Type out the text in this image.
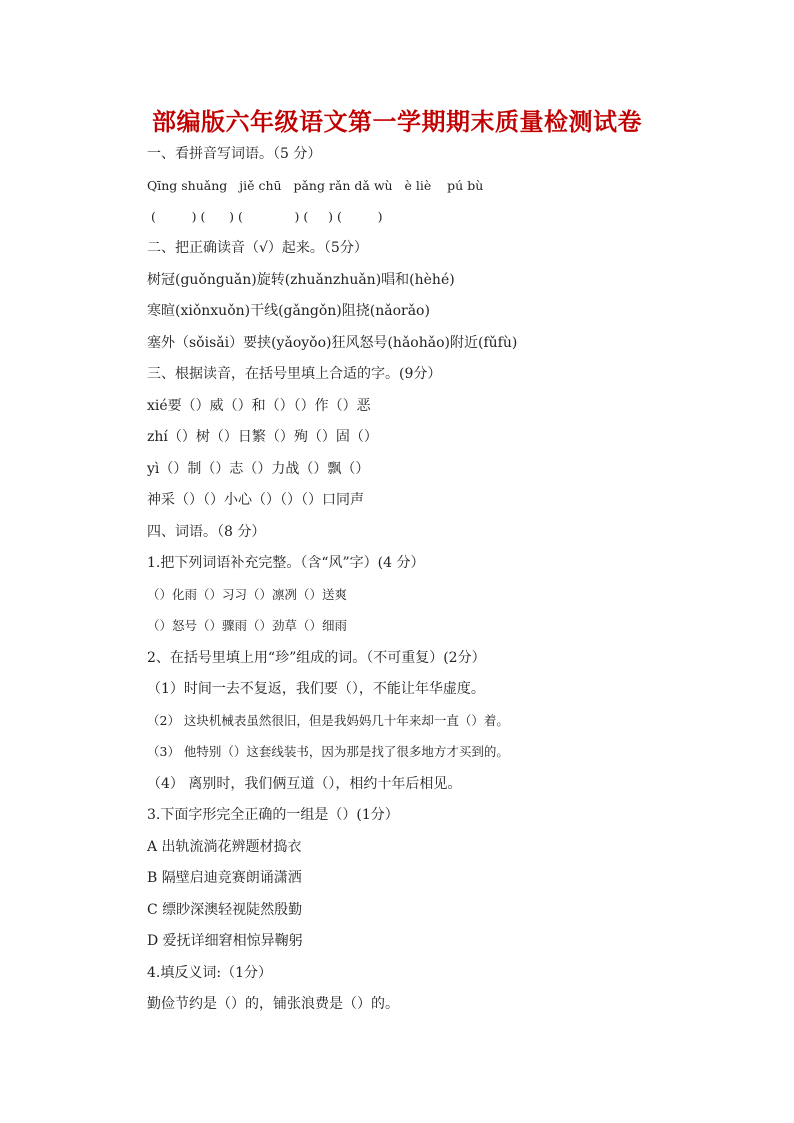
部编版六年级语文第一学期期末质量检测试卷
一、看拼音写词语。（5 分）
Qīng shuǎng   jiě chū   pǎng rǎn dǎ wù   è liè    pú bù
(         ) (      ) (             ) (     ) (         )
二、把正确读音（√）起来。（5分）
树冠(guǒnguǎn)旋转(zhuǎnzhuǎn)唱和(hèhé)
寒暄(xiǒnxuǒn)干线(gǎngǒn)阻挠(nǎorǎo)
塞外（sǒisǎi）要挟(yǎoyǒo)狂风怒号(hǎohǎo)附近(fǔfù)
三、根据读音，在括号里填上合适的字。(9分）
xié要（）威（）和（）（）作（）恶
zhí（）树（）日繁（）殉（）固（）
yì（）制（）志（）力战（）飘（）
神采（）（）小心（）（）（）口同声
四、词语。（8 分）
1.把下列词语补充完整。（含“风”字）(4 分）
（）化雨（）习习（）凛冽（）送爽
（）怒号（）骤雨（）劲草（）细雨
2、在括号里填上用“珍”组成的词。（不可重复）(2分）
（1）时间一去不复返，我们要（），不能让年华虚度。
（2） 这块机械表虽然很旧，但是我妈妈几十年来却一直（）着。
（3） 他特别（）这套线装书，因为那是找了很多地方才买到的。
（4） 离别时，我们俩互道（），相约十年后相见。
3.下面字形完全正确的一组是（）(1分）
A 出轨流淌花辨题材捣衣
B 隔壁启迪竞赛朗诵潇洒
C 缥眇深澳轻视陡然殷勤
D 爱抚详细窘相惊异鞠躬
4.填反义词:（1分）
勤俭节约是（）的，铺张浪费是（）的。
